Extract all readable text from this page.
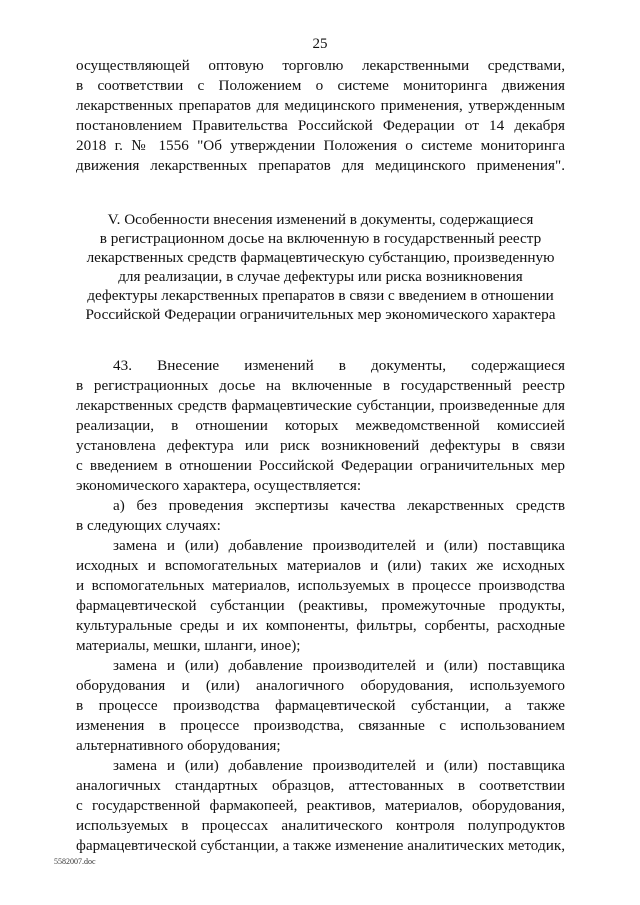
25

осуществляющей оптовую торговлю лекарственными средствами,
в соответствии с Положением о системе мониторинга движения
лекарственных препаратов для медицинского применения, утвержденным
постановлением Правительства Российской Федерации от 14 декабря
2018 г. № 1556 "Об утверждении Положения о системе мониторинга
движения лекарственных препаратов для медицинского применения".

V. Особенности внесения изменений в документы, содержащиеся
в регистрационном досье на включенную в государственный реестр
лекарственных средств фармацевтическую субстанцию, произведенную
для реализации, в случае дефектуры или риска возникновения
дефектуры лекарственных препаратов в связи с введением в отношении
Российской Федерации ограничительных мер экономического характера

43. Внесение изменений в документы, содержащиеся
в регистрационных досье на включенные в государственный реестр
лекарственных средств фармацевтические субстанции, произведенные для
реализации, в отношении которых межведомственной комиссией
установлена дефектура или риск возникновений дефектуры в связи
с введением в отношении Российской Федерации ограничительных мер
экономического характера, осуществляется:

а) без проведения экспертизы качества лекарственных средств
в следующих случаях:

замена и (или) добавление производителей и (или) поставщика
исходных и вспомогательных материалов и (или) таких же исходных
и вспомогательных материалов, используемых в процессе производства
фармацевтической субстанции (реактивы, промежуточные продукты,
культуральные среды и их компоненты, фильтры, сорбенты, расходные
материалы, мешки, шланги, иное);

замена и (или) добавление производителей и (или) поставщика
оборудования и (или) аналогичного оборудования, используемого
в процессе производства фармацевтической субстанции, а также
изменения в процессе производства, связанные с использованием
альтернативного оборудования;

замена и (или) добавление производителей и (или) поставщика
аналогичных стандартных образцов, аттестованных в соответствии
с государственной фармакопеей, реактивов, материалов, оборудования,
используемых в процессах аналитического контроля полупродуктов
фармацевтической субстанции, а также изменение аналитических методик,

5582007.doc
